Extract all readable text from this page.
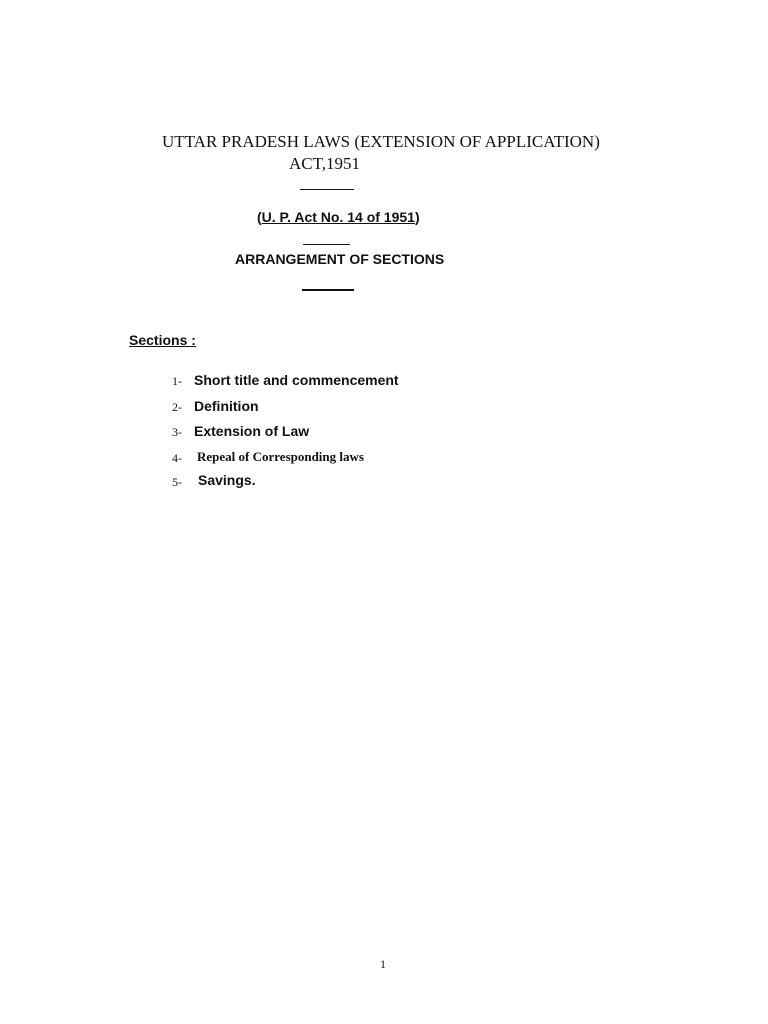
UTTAR PRADESH LAWS (EXTENSION OF APPLICATION)
ACT,1951
(U. P. Act No. 14 of 1951)
ARRANGEMENT OF SECTIONS
Sections :
1- Short title and commencement
2- Definition
3- Extension of Law
4- Repeal of Corresponding laws
5- Savings.
1
